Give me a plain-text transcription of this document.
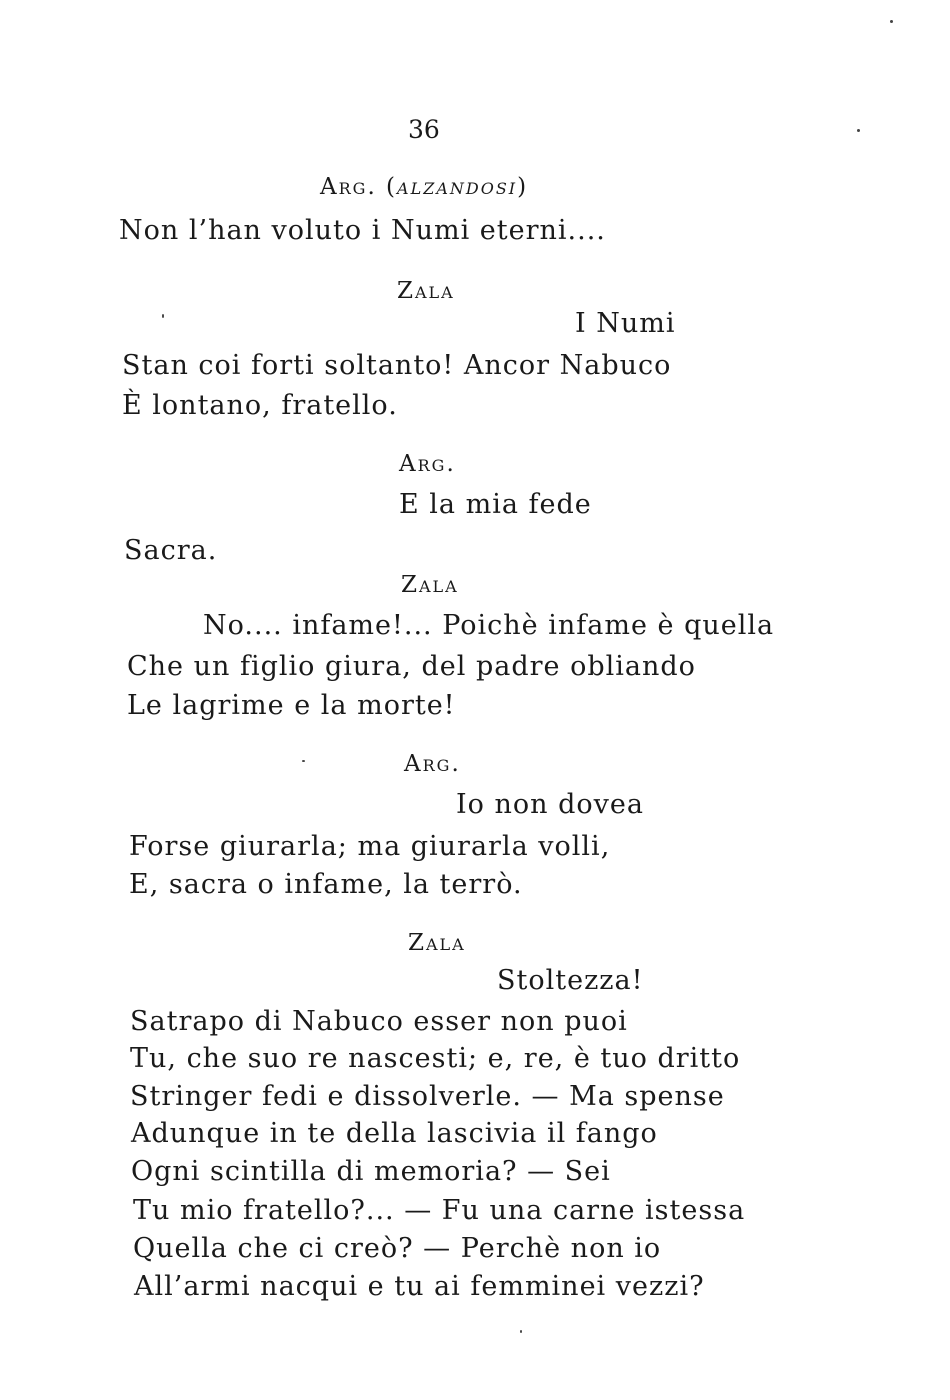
36
Arg. (alzandosi)
Non l’han voluto i Numi eterni....
Zala
I Numi
Stan coi forti soltanto! Ancor Nabuco
È lontano, fratello.
Arg.
E la mia fede
Sacra.
Zala
No.... infame!... Poichè infame è quella
Che un figlio giura, del padre obliando
Le lagrime e la morte!
Arg.
Io non dovea
Forse giurarla; ma giurarla volli,
E, sacra o infame, la terrò.
Zala
Stoltezza!
Satrapo di Nabuco esser non puoi
Tu, che suo re nascesti; e, re, è tuo dritto
Stringer fedi e dissolverle. — Ma spense
Adunque in te della lascivia il fango
Ogni scintilla di memoria? — Sei
Tu mio fratello?... — Fu una carne istessa
Quella che ci creò? — Perchè non io
All’armi nacqui e tu ai femminei vezzi?
